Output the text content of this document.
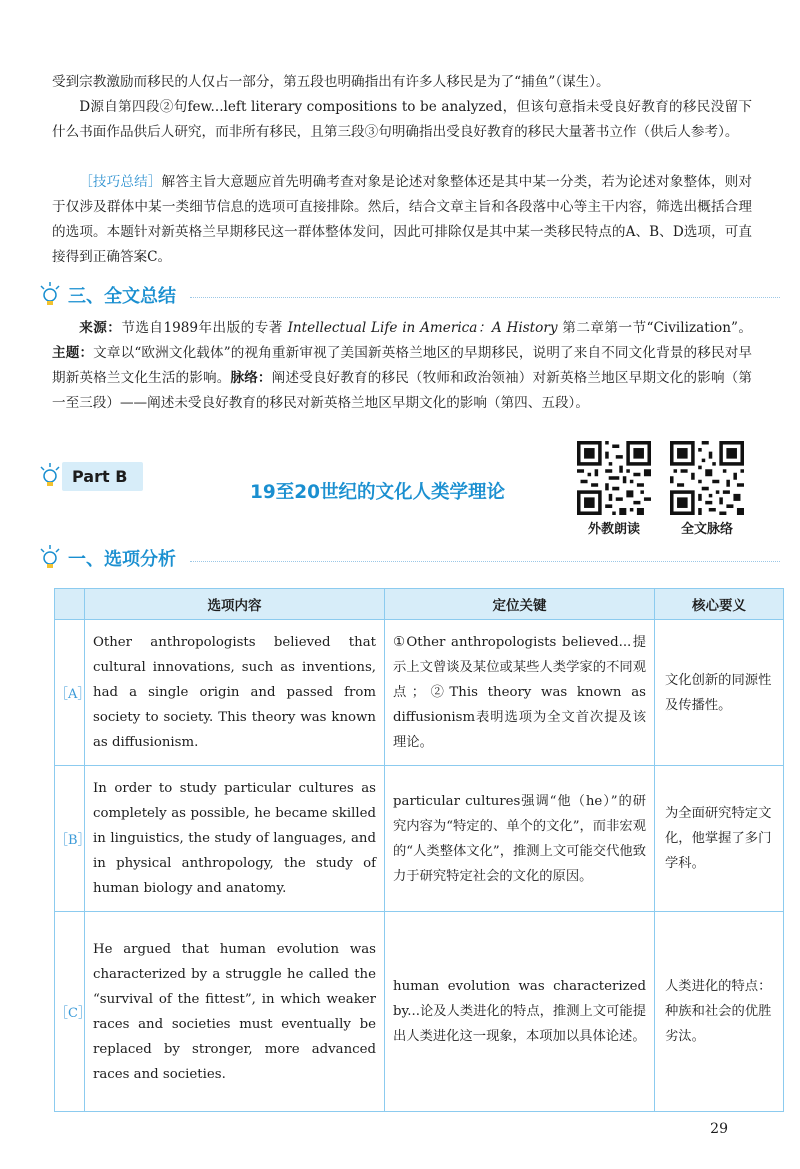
受到宗教激励而移民的人仅占一部分，第五段也明确指出有许多人移民是为了“捕鱼”（谋生）。

D源自第四段②句few...left literary compositions to be analyzed，但该句意指未受良好教育的移民没留下什么书面作品供后人研究，而非所有移民，且第三段③句明确指出受良好教育的移民大量著书立作（供后人参考）。

［技巧总结］解答主旨大意题应首先明确考查对象是论述对象整体还是其中某一分类，若为论述对象整体，则对于仅涉及群体中某一类细节信息的选项可直接排除。然后，结合文章主旨和各段落中心等主干内容，筛选出概括合理的选项。本题针对新英格兰早期移民这一群体整体发问，因此可排除仅是其中某一类移民特点的A、B、D选项，可直接得到正确答案C。

三、全文总结

来源：节选自1989年出版的专著 Intellectual Life in America：A History 第二章第一节“Civilization”。主题：文章以“欧洲文化载体”的视角重新审视了美国新英格兰地区的早期移民，说明了来自不同文化背景的移民对早期新英格兰文化生活的影响。脉络：阐述受良好教育的移民（牧师和政治领袖）对新英格兰地区早期文化的影响（第一至三段）——阐述未受良好教育的移民对新英格兰地区早期文化的影响（第四、五段）。

Part B
19至20世纪的文化人类学理论
外教朗读	全文脉络
一、选项分析
	选项内容	定位关键	核心要义
［A］	Other anthropologists believed that cultural innovations, such as inventions, had a single origin and passed from society to society. This theory was known as diffusionism.	①Other anthropologists believed...提示上文曾谈及某位或某些人类学家的不同观点；②This theory was known as diffusionism表明选项为全文首次提及该理论。	文化创新的同源性及传播性。
［B］	In order to study particular cultures as completely as possible, he became skilled in linguistics, the study of languages, and in physical anthropology, the study of human biology and anatomy.	particular cultures强调“他（he）”的研究内容为“特定的、单个的文化”，而非宏观的“人类整体文化”，推测上文可能交代他致力于研究特定社会的文化的原因。	为全面研究特定文化，他掌握了多门学科。
［C］	He argued that human evolution was characterized by a struggle he called the “survival of the fittest”, in which weaker races and societies must eventually be replaced by stronger, more advanced races and societies.	human evolution was characterized by...论及人类进化的特点，推测上文可能提出人类进化这一现象，本项加以具体论述。	人类进化的特点：种族和社会的优胜劣汰。
29
